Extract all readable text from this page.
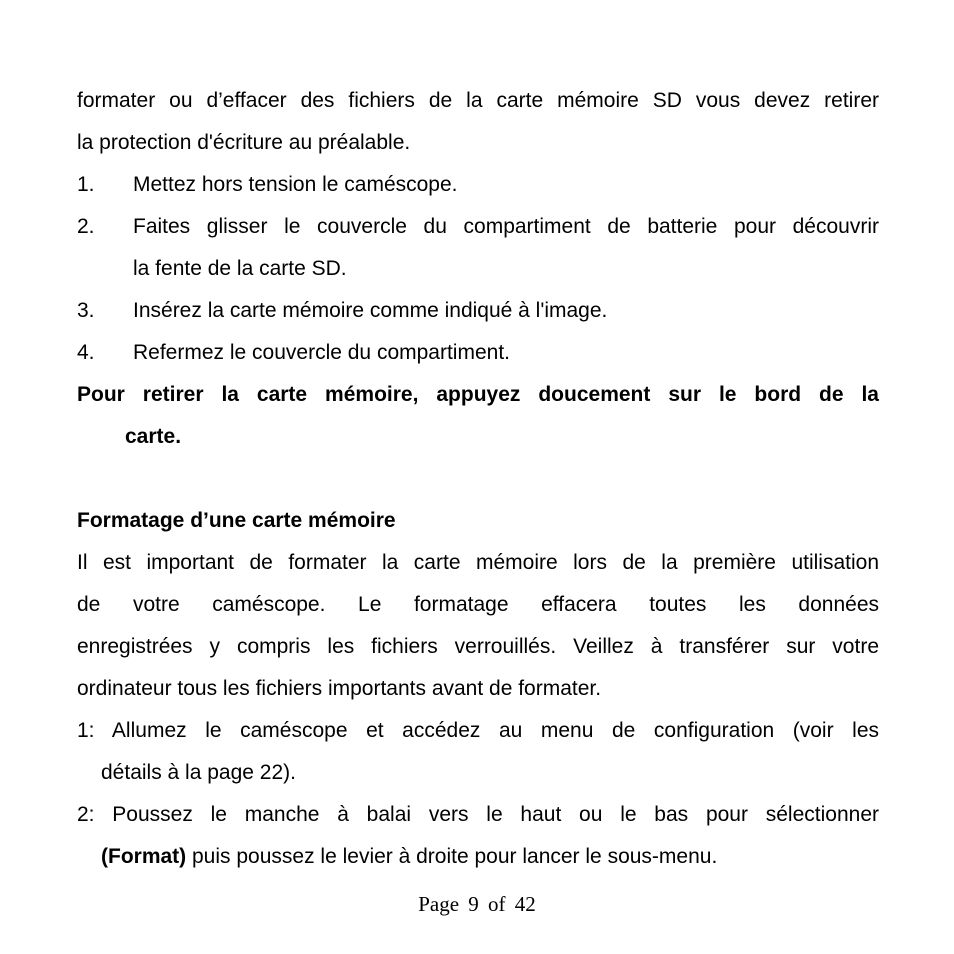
formater ou d’effacer des fichiers de la carte mémoire SD vous devez retirer
la protection d'écriture au préalable.
1.	Mettez hors tension le caméscope.
2.	Faites glisser le couvercle du compartiment de batterie pour découvrir
la fente de la carte SD.
3.	Insérez la carte mémoire comme indiqué à l'image.
4.	Refermez le couvercle du compartiment.
Pour retirer la carte mémoire, appuyez doucement sur le bord de la
carte.
Formatage d’une carte mémoire
Il est important de formater la carte mémoire lors de la première utilisation
de votre caméscope. Le formatage effacera toutes les données
enregistrées y compris les fichiers verrouillés. Veillez à transférer sur votre
ordinateur tous les fichiers importants avant de formater.
1: Allumez le caméscope et accédez au menu de configuration (voir les
détails à la page 22).
2: Poussez le manche à balai vers le haut ou le bas pour sélectionner
(Format) puis poussez le levier à droite pour lancer le sous-menu.
Page 9 of 42
